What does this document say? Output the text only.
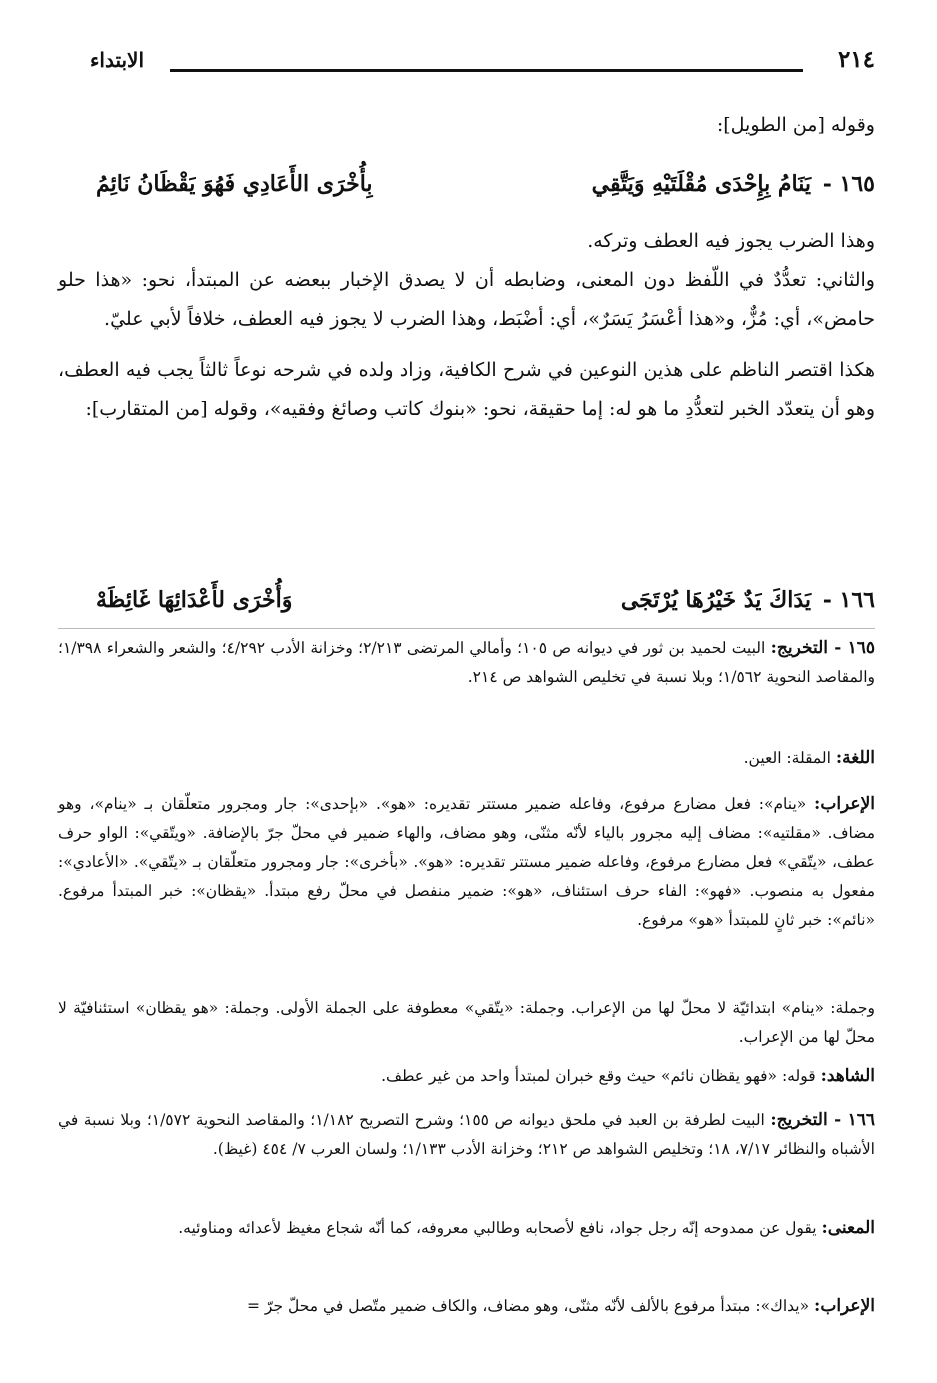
٢١٤
الابتداء

وقوله [من الطويل]:

١٦٥ -
يَنَامُ بِإِحْدَى مُقْلَتَيْهِ وَيَتَّقِي
بِأُخْرَى الأَعَادِي فَهُوَ يَقْظَانُ نَائِمُ

وهذا الضرب يجوز فيه العطف وتركه.

والثاني: تعدُّدٌ في اللّفظ دون المعنى، وضابطه أن لا يصدق الإخبار ببعضه عن المبتدأ، نحو: «هذا حلو حامض»، أي: مُزٌّ، و«هذا أعْسَرُ يَسَرٌ»، أي: أضْبَط، وهذا الضرب لا يجوز فيه العطف، خلافاً لأبي عليّ.

هكذا اقتصر الناظم على هذين النوعين في شرح الكافية، وزاد ولده في شرحه نوعاً ثالثاً يجب فيه العطف، وهو أن يتعدّد الخبر لتعدُّدِ ما هو له: إما حقيقة، نحو: «بنوك كاتب وصائغ وفقيه»، وقوله [من المتقارب]:

١٦٦ -
يَدَاكَ يَدٌ خَيْرُهَا يُرْتَجَى
وَأُخْرَى لأَعْدَائِهَا غَائِظَهْ

١٦٥ - التخريج: البيت لحميد بن ثور في ديوانه ص ١٠٥؛ وأمالي المرتضى ٢/٢١٣؛ وخزانة الأدب ٤/٢٩٢؛ والشعر والشعراء ١/٣٩٨؛ والمقاصد النحوية ١/٥٦٢؛ وبلا نسبة في تخليص الشواهد ص ٢١٤.

اللغة: المقلة: العين.

الإعراب: «ينام»: فعل مضارع مرفوع، وفاعله ضمير مستتر تقديره: «هو». «بإحدى»: جار ومجرور متعلّقان بـ «ينام»، وهو مضاف. «مقلتيه»: مضاف إليه مجرور بالياء لأنّه مثنّى، وهو مضاف، والهاء ضمير في محلّ جرّ بالإضافة. «ويتّقي»: الواو حرف عطف، «يتّقي» فعل مضارع مرفوع، وفاعله ضمير مستتر تقديره: «هو». «بأخرى»: جار ومجرور متعلّقان بـ «يتّقي». «الأعادي»: مفعول به منصوب. «فهو»: الفاء حرف استئناف، «هو»: ضمير منفصل في محلّ رفع مبتدأ. «يقظان»: خبر المبتدأ مرفوع. «نائم»: خبر ثانٍ للمبتدأ «هو» مرفوع.

وجملة: «ينام» ابتدائيّة لا محلّ لها من الإعراب. وجملة: «يتّقي» معطوفة على الجملة الأولى. وجملة: «هو يقظان» استئنافيّة لا محلّ لها من الإعراب.

الشاهد: قوله: «فهو يقظان نائم» حيث وقع خبران لمبتدأ واحد من غير عطف.

١٦٦ - التخريج: البيت لطرفة بن العبد في ملحق ديوانه ص ١٥٥؛ وشرح التصريح ١/١٨٢؛ والمقاصد النحوية ١/٥٧٢؛ وبلا نسبة في الأشباه والنظائر ٧/١٧، ١٨؛ وتخليص الشواهد ص ٢١٢؛ وخزانة الأدب ١/١٣٣؛ ولسان العرب ٧/ ٤٥٤ (غيظ).

المعنى: يقول عن ممدوحه إنّه رجل جواد، نافع لأصحابه وطالبي معروفه، كما أنّه شجاع مغيظ لأعدائه ومناوئيه.

الإعراب: «يداك»: مبتدأ مرفوع بالألف لأنّه مثنّى، وهو مضاف، والكاف ضمير متّصل في محلّ جرّ =
